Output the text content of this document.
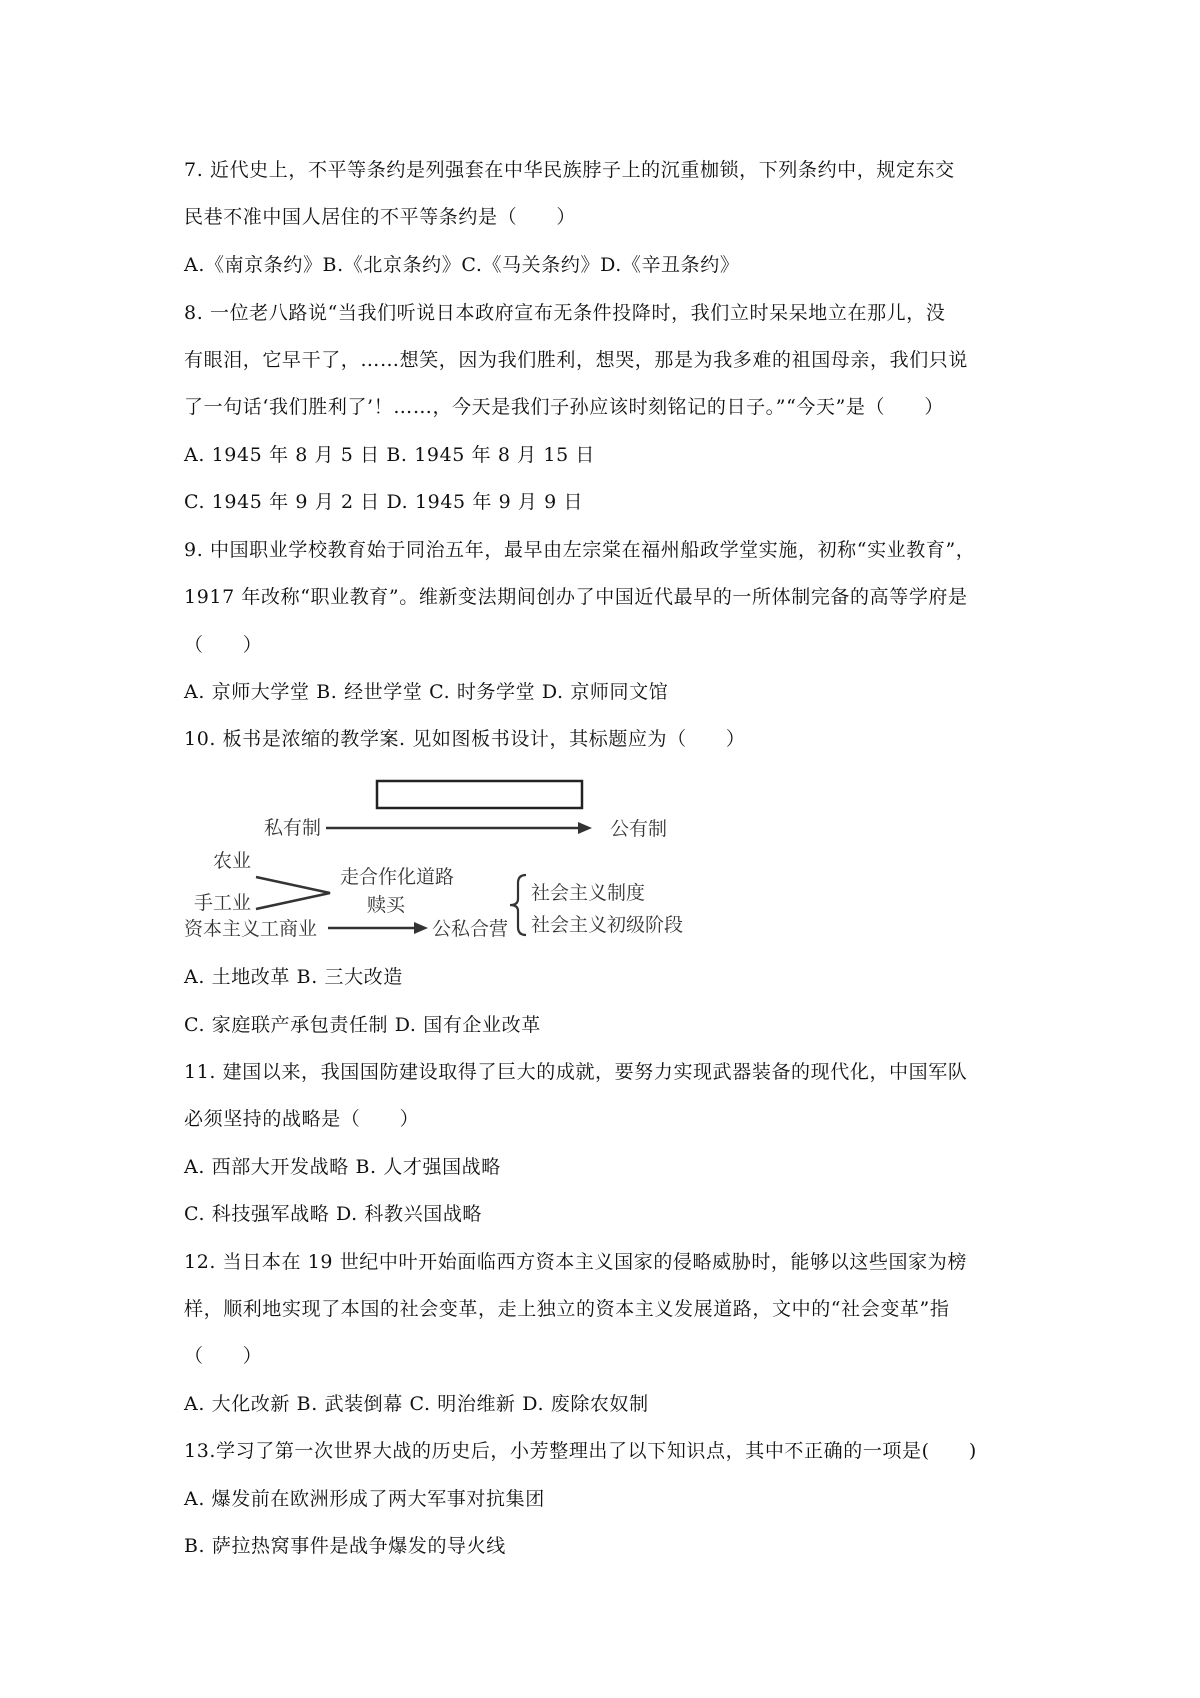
7. 近代史上，不平等条约是列强套在中华民族脖子上的沉重枷锁，下列条约中，规定东交
民巷不准中国人居住的不平等条约是（　　）
A.《南京条约》B.《北京条约》C.《马关条约》D.《辛丑条约》
8. 一位老八路说“当我们听说日本政府宣布无条件投降时，我们立时呆呆地立在那儿，没
有眼泪，它早干了，……想笑，因为我们胜利，想哭，那是为我多难的祖国母亲，我们只说
了一句话‘我们胜利了’！……，今天是我们子孙应该时刻铭记的日子。”“今天”是（　　）
A. 1945 年 8 月 5 日 B. 1945 年 8 月 15 日
C. 1945 年 9 月 2 日 D. 1945 年 9 月 9 日
9. 中国职业学校教育始于同治五年，最早由左宗棠在福州船政学堂实施，初称“实业教育”，
1917 年改称“职业教育”。维新变法期间创办了中国近代最早的一所体制完备的高等学府是
（　　）
A. 京师大学堂 B. 经世学堂 C. 时务学堂 D. 京师同文馆
10. 板书是浓缩的教学案. 见如图板书设计，其标题应为（　　）
私有制	公有制
农业
手工业
走合作化道路
资本主义工商业
赎买
公私合营
社会主义制度
社会主义初级阶段
A. 土地改革 B. 三大改造
C. 家庭联产承包责任制 D. 国有企业改革
11. 建国以来，我国国防建设取得了巨大的成就，要努力实现武器装备的现代化，中国军队
必须坚持的战略是（　　）
A. 西部大开发战略 B. 人才强国战略
C. 科技强军战略 D. 科教兴国战略
12. 当日本在 19 世纪中叶开始面临西方资本主义国家的侵略威胁时，能够以这些国家为榜
样，顺利地实现了本国的社会变革，走上独立的资本主义发展道路，文中的“社会变革”指
（　　）
A. 大化改新 B. 武装倒幕 C. 明治维新 D. 废除农奴制
13.学习了第一次世界大战的历史后，小芳整理出了以下知识点，其中不正确的一项是(　　)
A. 爆发前在欧洲形成了两大军事对抗集团
B. 萨拉热窝事件是战争爆发的导火线
